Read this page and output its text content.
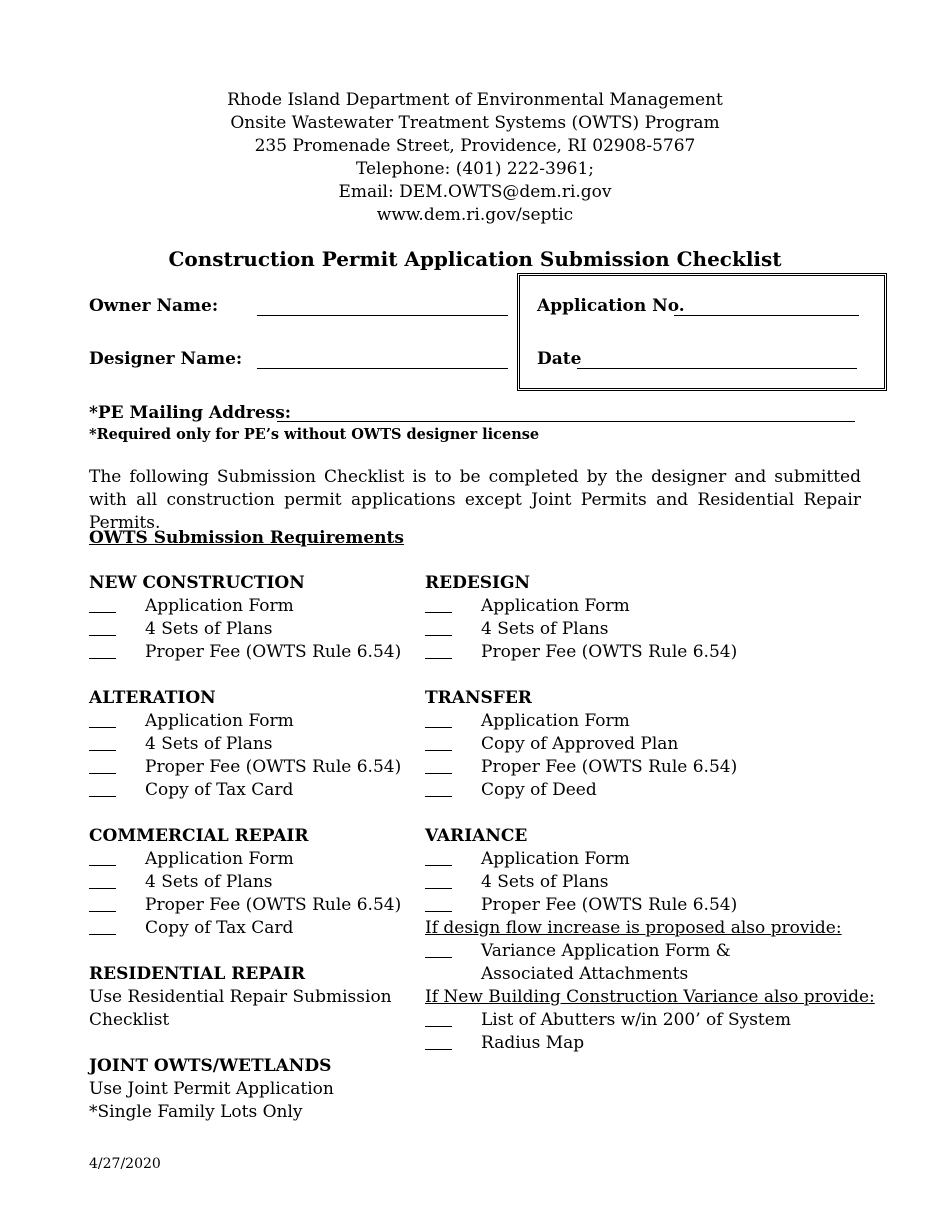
Rhode Island Department of Environmental Management
Onsite Wastewater Treatment Systems (OWTS) Program
235 Promenade Street, Providence, RI 02908-5767
Telephone: (401) 222-3961;
Email: DEM.OWTS@dem.ri.gov
www.dem.ri.gov/septic
Construction Permit Application Submission Checklist
Owner Name:
Designer Name:
Application No.
Date
*PE Mailing Address:
*Required only for PE’s without OWTS designer license
The following Submission Checklist is to be completed by the designer and submitted with all construction permit applications except Joint Permits and Residential Repair Permits.
OWTS Submission Requirements
NEW CONSTRUCTION
Application Form
4 Sets of Plans
Proper Fee (OWTS Rule 6.54)
ALTERATION
Application Form
4 Sets of Plans
Proper Fee (OWTS Rule 6.54)
Copy of Tax Card
COMMERCIAL REPAIR
Application Form
4 Sets of Plans
Proper Fee (OWTS Rule 6.54)
Copy of Tax Card
RESIDENTIAL REPAIR
Use Residential Repair Submission
Checklist
JOINT OWTS/WETLANDS
Use Joint Permit Application
*Single Family Lots Only
REDESIGN
Application Form
4 Sets of Plans
Proper Fee (OWTS Rule 6.54)
TRANSFER
Application Form
Copy of Approved Plan
Proper Fee (OWTS Rule 6.54)
Copy of Deed
VARIANCE
Application Form
4 Sets of Plans
Proper Fee (OWTS Rule 6.54)
If design flow increase is proposed also provide:
Variance Application Form &
Associated Attachments
If New Building Construction Variance also provide:
List of Abutters w/in 200’ of System
Radius Map
4/27/2020
